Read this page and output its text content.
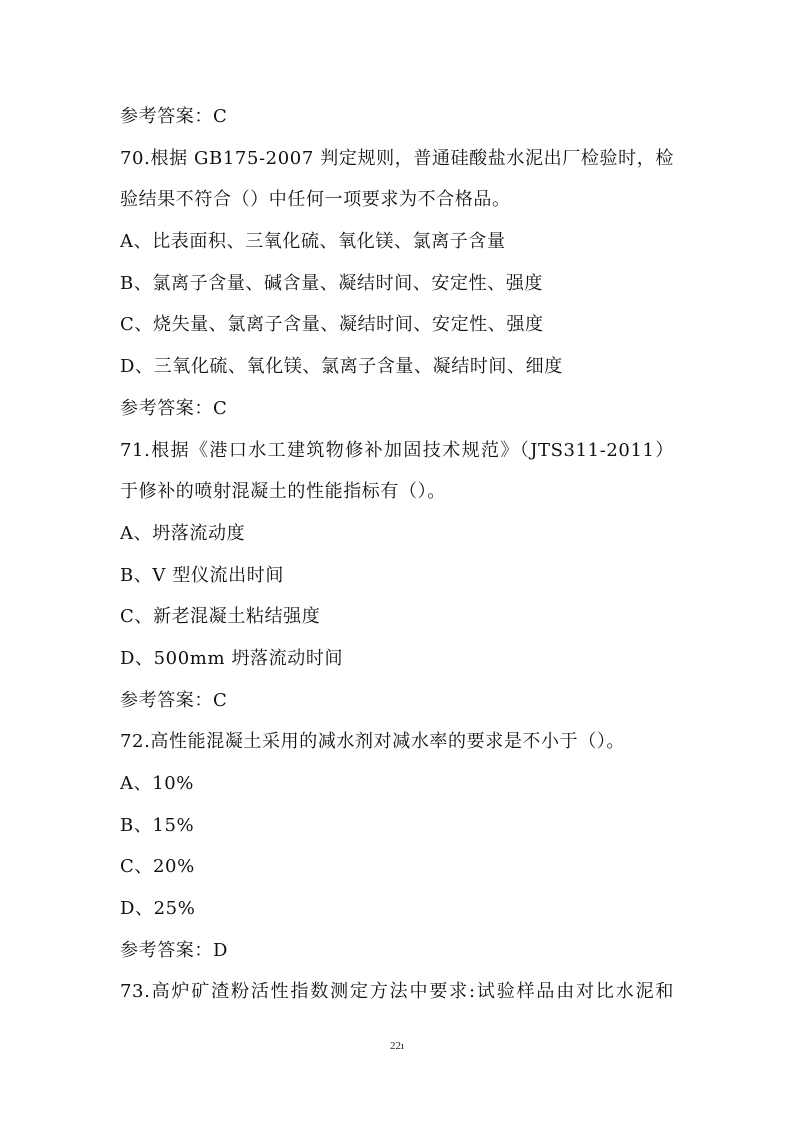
参考答案：C
70.根据 GB175-2007 判定规则，普通硅酸盐水泥出厂检验时，检
验结果不符合（）中任何一项要求为不合格品。
A、比表面积、三氧化硫、氧化镁、氯离子含量
B、氯离子含量、碱含量、凝结时间、安定性、强度
C、烧失量、氯离子含量、凝结时间、安定性、强度
D、三氧化硫、氧化镁、氯离子含量、凝结时间、细度
参考答案：C
71.根据《港口水工建筑物修补加固技术规范》（JTS311-2011）
于修补的喷射混凝土的性能指标有（）。
A、坍落流动度
B、V 型仪流出时间
C、新老混凝土粘结强度
D、500mm 坍落流动时间
参考答案：C
72.高性能混凝土采用的减水剂对减水率的要求是不小于（）。
A、10%
B、15%
C、20%
D、25%
参考答案：D
73.高炉矿渣粉活性指数测定方法中要求:试验样品由对比水泥和
22ı
